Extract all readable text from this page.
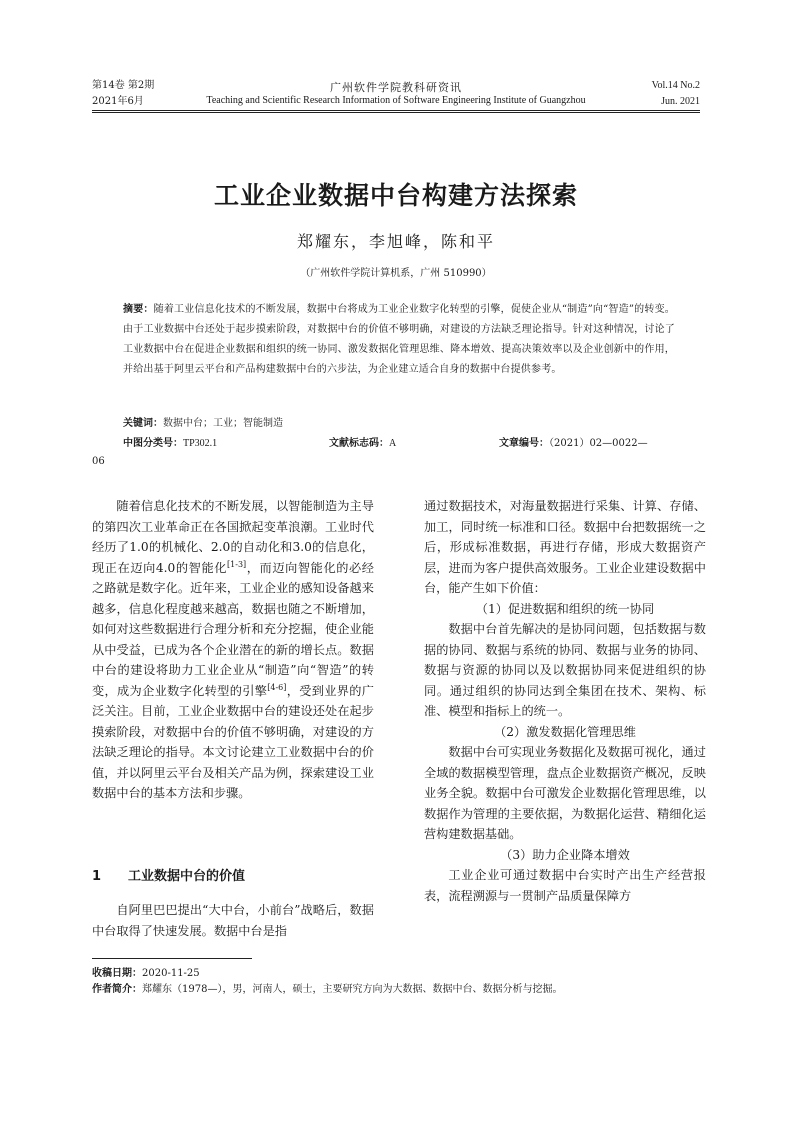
第14卷 第2期
2021年6月
广州软件学院教科研资讯
Teaching and Scientific Research Information of Software Engineering Institute of Guangzhou
Vol.14 No.2
Jun. 2021
工业企业数据中台构建方法探索
郑耀东，李旭峰，陈和平
（广州软件学院计算机系，广州 510990）
摘要：随着工业信息化技术的不断发展，数据中台将成为工业企业数字化转型的引擎，促使企业从“制造”向“智造”的转变。由于工业数据中台还处于起步摸索阶段，对数据中台的价值不够明确，对建设的方法缺乏理论指导。针对这种情况，讨论了工业数据中台在促进企业数据和组织的统一协同、激发数据化管理思维、降本增效、提高决策效率以及企业创新中的作用，并给出基于阿里云平台和产品构建数据中台的六步法，为企业建立适合自身的数据中台提供参考。
关键词：数据中台；工业；智能制造
中图分类号：TP302.1	文献标志码：A	文章编号：（2021）02—0022—
06

随着信息化技术的不断发展，以智能制造为主导的第四次工业革命正在各国掀起变革浪潮。工业时代经历了1.0的机械化、2.0的自动化和3.0的信息化，现正在迈向4.0的智能化[1-3]，而迈向智能化的必经之路就是数字化。近年来，工业企业的感知设备越来越多，信息化程度越来越高，数据也随之不断增加，如何对这些数据进行合理分析和充分挖掘，使企业能从中受益，已成为各个企业潜在的新的增长点。数据中台的建设将助力工业企业从“制造”向“智造”的转变，成为企业数字化转型的引擎[4-6]，受到业界的广泛关注。目前，工业企业数据中台的建设还处在起步摸索阶段，对数据中台的价值不够明确，对建设的方法缺乏理论的指导。本文讨论建立工业数据中台的价值，并以阿里云平台及相关产品为例，探索建设工业数据中台的基本方法和步骤。

1 工业数据中台的价值

自阿里巴巴提出“大中台，小前台”战略后，数据中台取得了快速发展。数据中台是指

通过数据技术，对海量数据进行采集、计算、存储、加工，同时统一标准和口径。数据中台把数据统一之后，形成标准数据，再进行存储，形成大数据资产层，进而为客户提供高效服务。工业企业建设数据中台，能产生如下价值：

（1）促进数据和组织的统一协同

数据中台首先解决的是协同问题，包括数据与数据的协同、数据与系统的协同、数据与业务的协同、数据与资源的协同以及以数据协同来促进组织的协同。通过组织的协同达到全集团在技术、架构、标准、模型和指标上的统一。

（2）激发数据化管理思维

数据中台可实现业务数据化及数据可视化，通过全域的数据模型管理，盘点企业数据资产概况，反映业务全貌。数据中台可激发企业数据化管理思维，以数据作为管理的主要依据，为数据化运营、精细化运营构建数据基础。

（3）助力企业降本增效

工业企业可通过数据中台实时产出生产经营报表，流程溯源与一贯制产品质量保障方

收稿日期：2020-11-25
作者简介：郑耀东（1978—），男，河南人，硕士，主要研究方向为大数据、数据中台、数据分析与挖掘。
